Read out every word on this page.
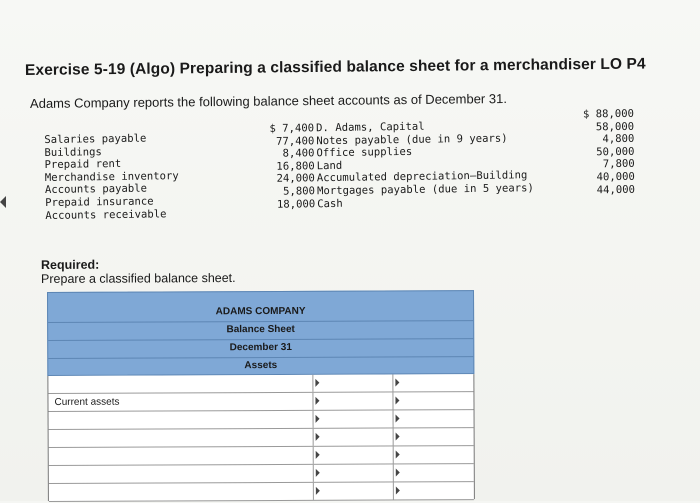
Exercise 5-19 (Algo) Preparing a classified balance sheet for a merchandiser LO P4
Adams Company reports the following balance sheet accounts as of December 31.
Salaries payable
Buildings
Prepaid rent
Merchandise inventory
Accounts payable
Prepaid insurance
Accounts receivable
$ 7,400
77,400
8,400
16,800
24,000
5,800
18,000
D. Adams, Capital
Notes payable (due in 9 years)
Office supplies
Land
Accumulated depreciation—Building
Mortgages payable (due in 5 years)
Cash
$ 88,000
58,000
4,800
50,000
7,800
40,000
44,000
Required:
Prepare a classified balance sheet.
ADAMS COMPANY
Balance Sheet
December 31
Assets
Current assets
